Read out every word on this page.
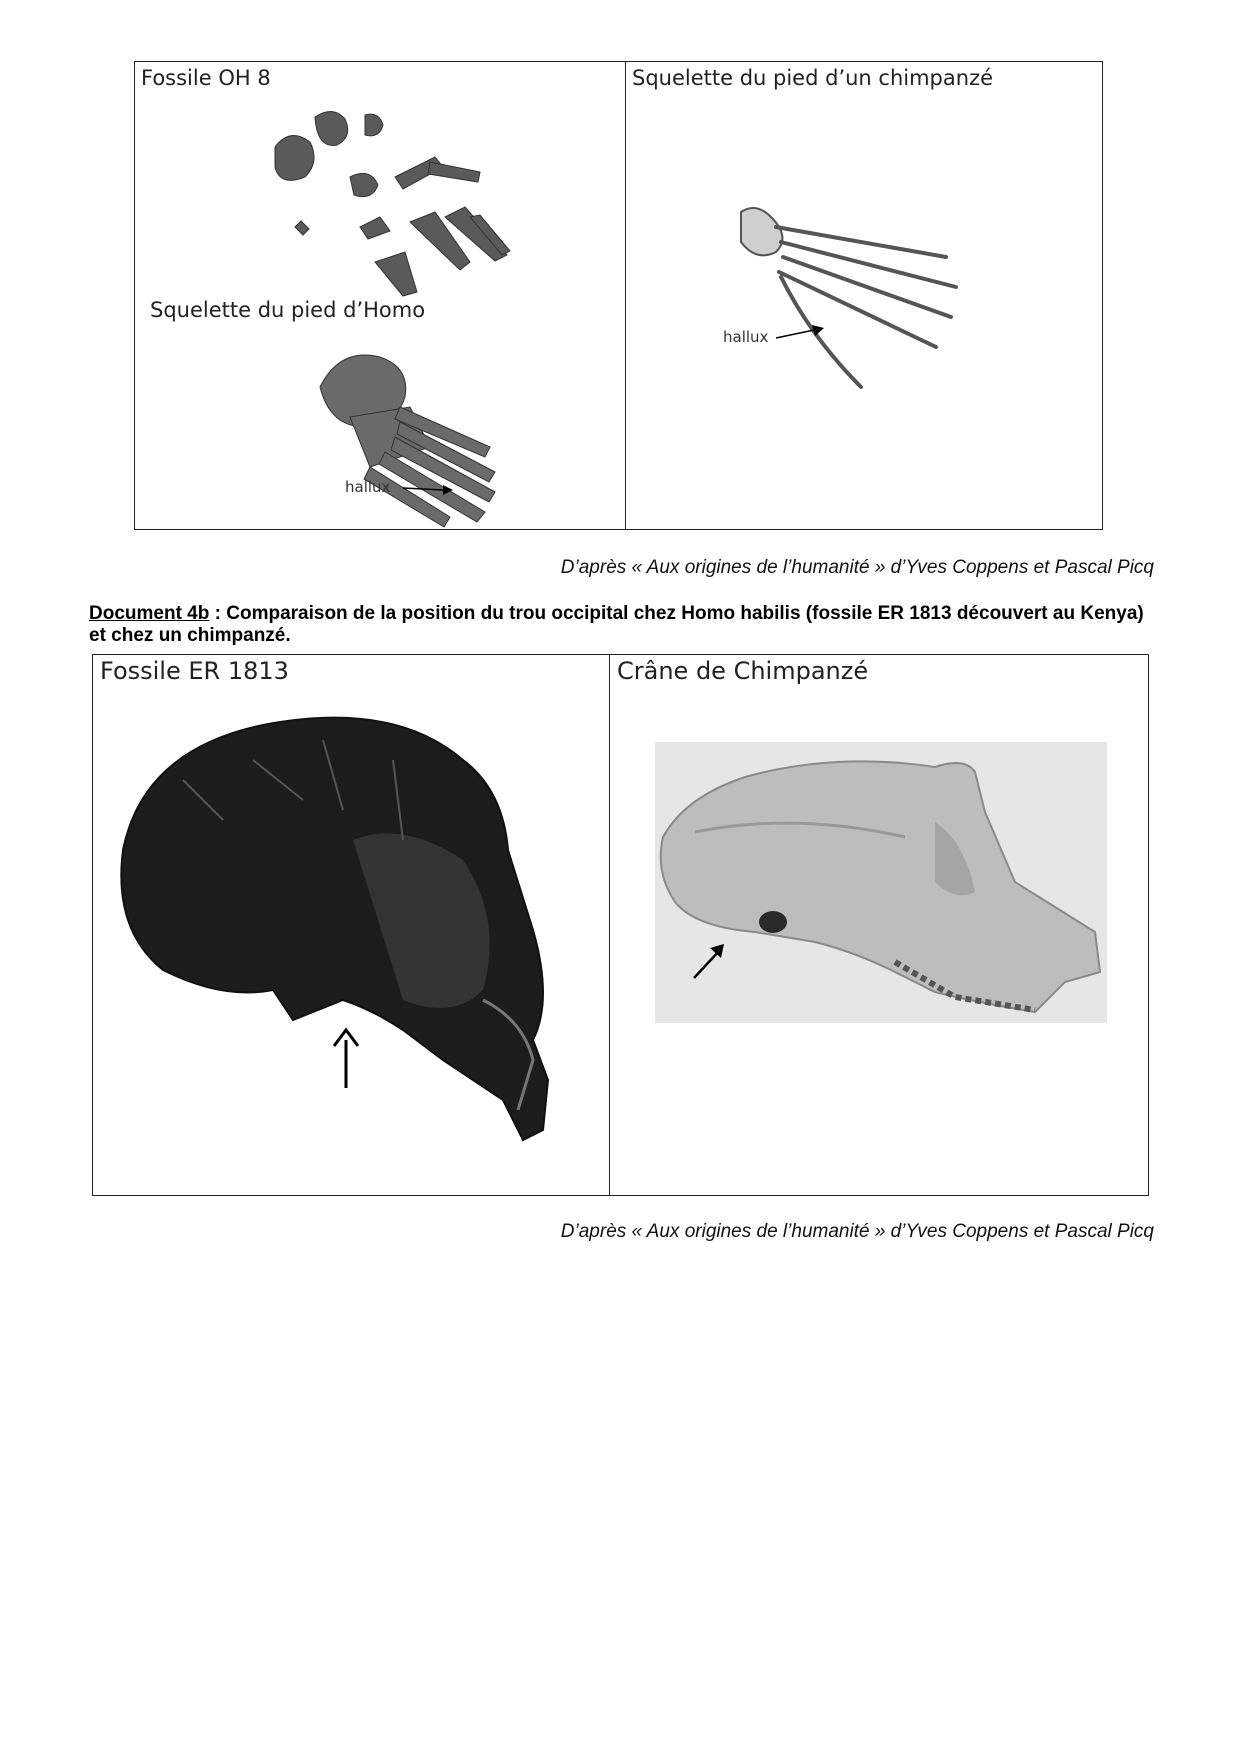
Fossile OH 8
Squelette du pied d’Homo
hallux
Squelette du pied d’un chimpanzé
hallux
D’après « Aux origines de l’humanité » d’Yves Coppens et Pascal Picq
Document 4b : Comparaison de la position du trou occipital chez Homo habilis (fossile ER 1813 découvert au Kenya) et chez un chimpanzé.
Fossile ER 1813	Crâne de Chimpanzé
D’après « Aux origines de l’humanité » d’Yves Coppens et Pascal Picq
